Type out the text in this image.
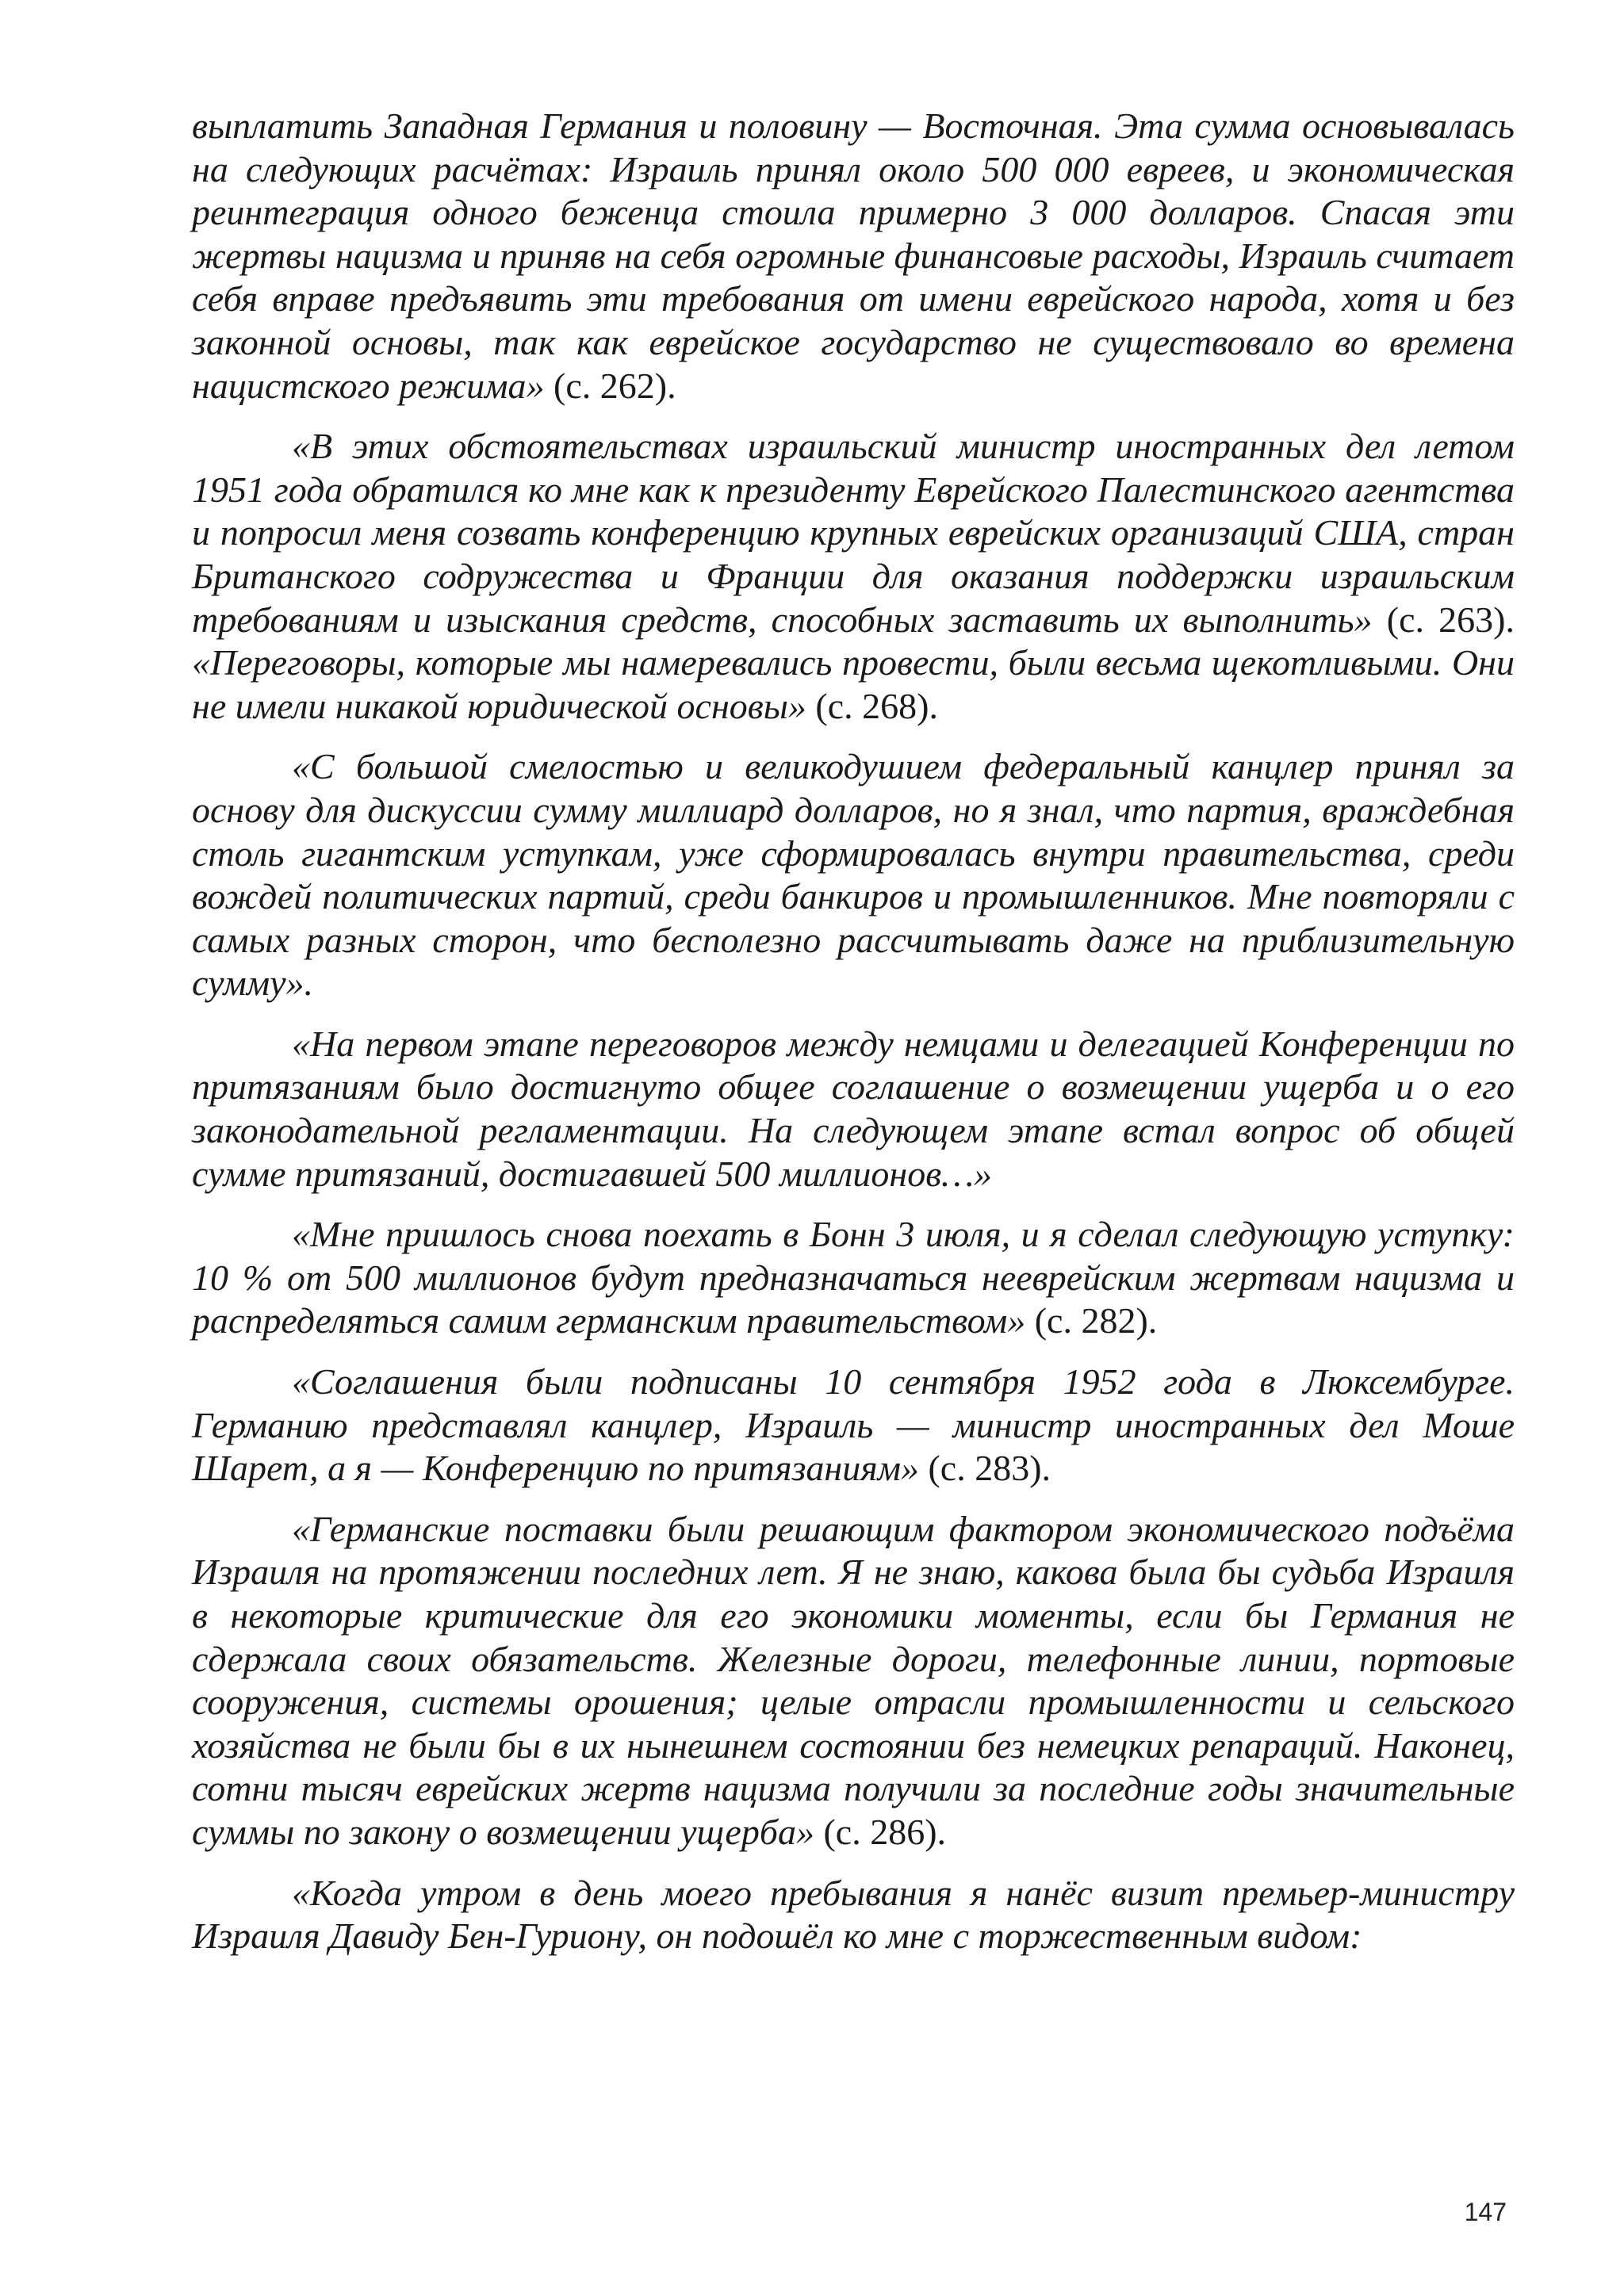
выплатить Западная Германия и половину — Восточная. Эта сумма основывалась на следующих расчётах: Израиль принял около 500 000 евреев, и экономическая реинтеграция одного беженца стоила примерно 3 000 долларов. Спасая эти жертвы нацизма и приняв на себя огромные финансовые расходы, Израиль считает себя вправе предъявить эти требования от имени еврейского народа, хотя и без законной основы, так как еврейское государство не существовало во времена нацистского режима» (с. 262).

«В этих обстоятельствах израильский министр иностранных дел летом 1951 года обратился ко мне как к президенту Еврейского Палестинского агентства и попросил меня созвать конференцию крупных еврейских организаций США, стран Британского содружества и Франции для оказания поддержки израильским требованиям и изыскания средств, способных заставить их выполнить» (с. 263). «Переговоры, которые мы намеревались провести, были весьма щекотливыми. Они не имели никакой юридической основы» (с. 268).

«С большой смелостью и великодушием федеральный канцлер принял за основу для дискуссии сумму миллиард долларов, но я знал, что партия, враждебная столь гигантским уступкам, уже сформировалась внутри правительства, среди вождей политических партий, среди банкиров и промышленников. Мне повторяли с самых разных сторон, что бесполезно рассчитывать даже на приблизительную сумму».

«На первом этапе переговоров между немцами и делегацией Конференции по притязаниям было достигнуто общее соглашение о возмещении ущерба и о его законодательной регламентации. На следующем этапе встал вопрос об общей сумме притязаний, достигавшей 500 миллионов…»

«Мне пришлось снова поехать в Бонн 3 июля, и я сделал следующую уступку: 10 % от 500 миллионов будут предназначаться нееврейским жертвам нацизма и распределяться самим германским правительством» (с. 282).

«Соглашения были подписаны 10 сентября 1952 года в Люксембурге. Германию представлял канцлер, Израиль — министр иностранных дел Моше Шарет, а я — Конференцию по притязаниям» (с. 283).

«Германские поставки были решающим фактором экономического подъёма Израиля на протяжении последних лет. Я не знаю, какова была бы судьба Израиля в некоторые критические для его экономики моменты, если бы Германия не сдержала своих обязательств. Железные дороги, телефонные линии, портовые сооружения, системы орошения; целые отрасли промышленности и сельского хозяйства не были бы в их нынешнем состоянии без немецких репараций. Наконец, сотни тысяч еврейских жертв нацизма получили за последние годы значительные суммы по закону о возмещении ущерба» (с. 286).

«Когда утром в день моего пребывания я нанёс визит премьер-министру Израиля Давиду Бен-Гуриону, он подошёл ко мне с торжественным видом:

147
